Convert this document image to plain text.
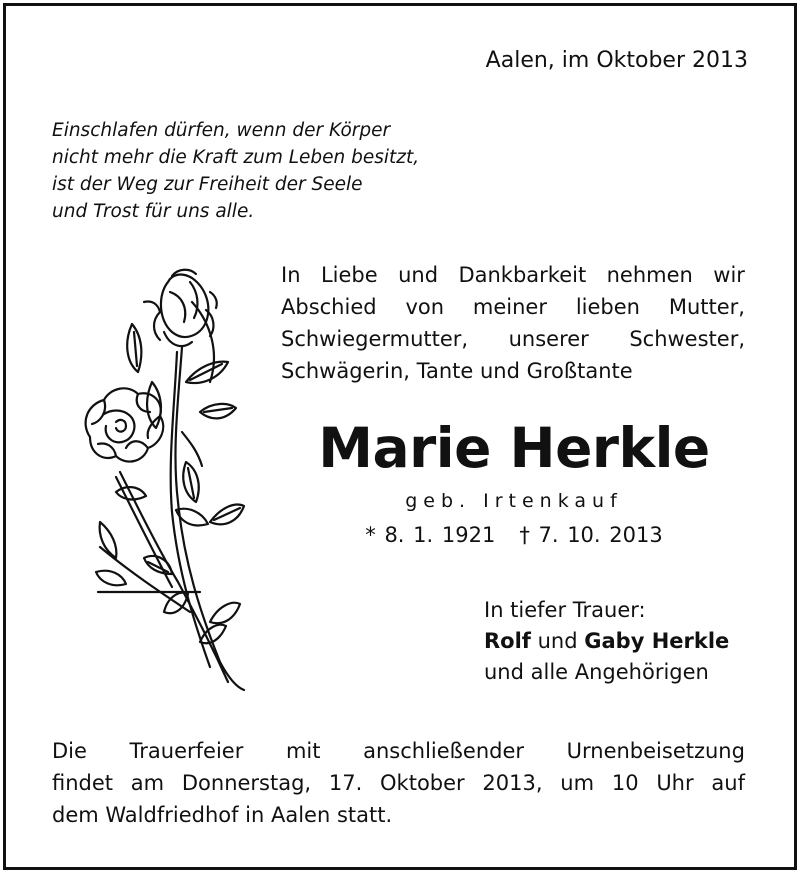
Aalen, im Oktober 2013
Einschlafen dürfen, wenn der Körper
nicht mehr die Kraft zum Leben besitzt,
ist der Weg zur Freiheit der Seele
und Trost für uns alle.
In Liebe und Dankbarkeit nehmen wir
Abschied von meiner lieben Mutter,
Schwiegermutter, unserer Schwester,
Schwägerin, Tante und Großtante
Marie Herkle
geb. Irtenkauf
* 8. 1. 1921 † 7. 10. 2013
In tiefer Trauer:
Rolf und Gaby Herkle
und alle Angehörigen
Die Trauerfeier mit anschließender Urnenbeisetzung
findet am Donnerstag, 17. Oktober 2013, um 10 Uhr auf
dem Waldfriedhof in Aalen statt.
